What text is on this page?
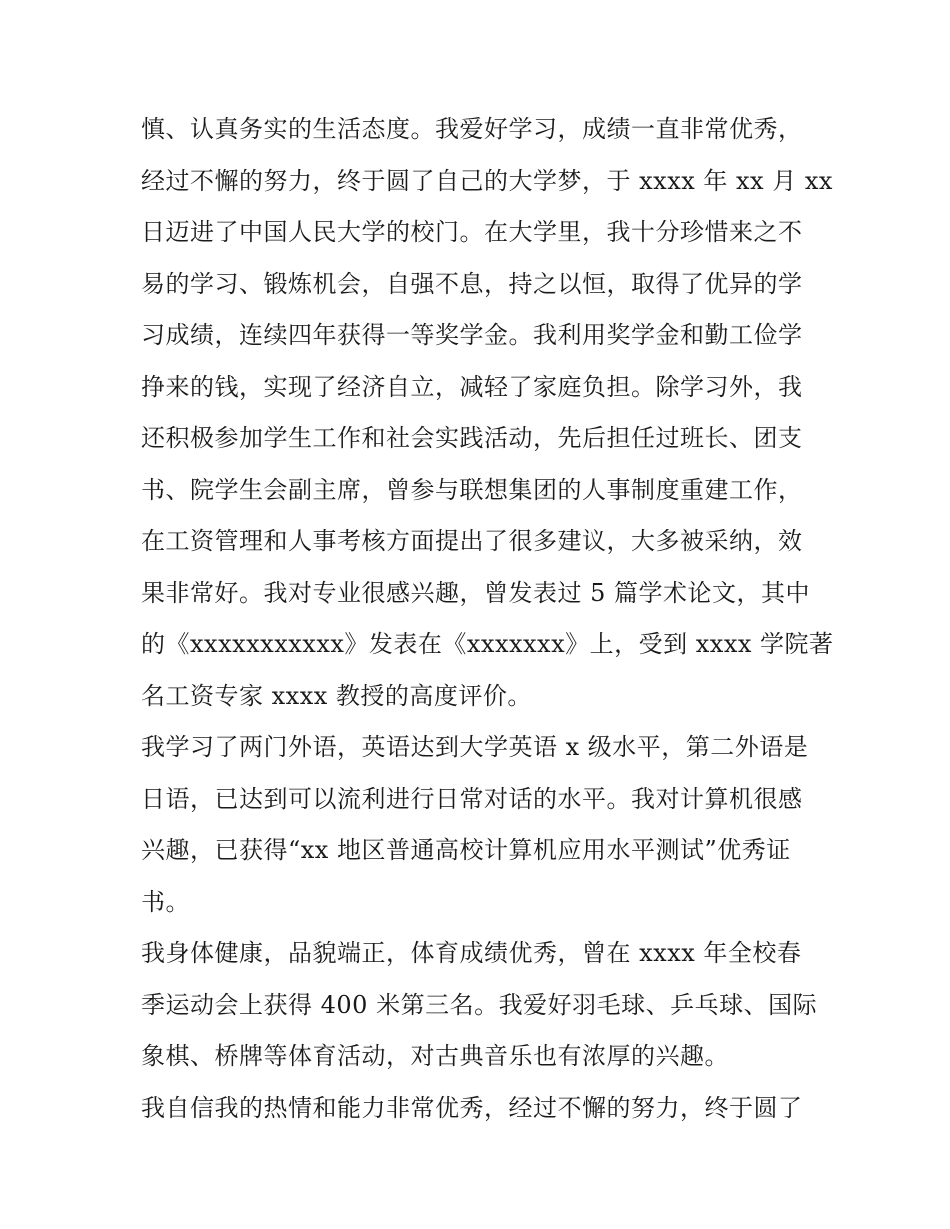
慎、认真务实的生活态度。我爱好学习，成绩一直非常优秀，
经过不懈的努力，终于圆了自己的大学梦，于 xxxx 年 xx 月 xx
日迈进了中国人民大学的校门。在大学里，我十分珍惜来之不
易的学习、锻炼机会，自强不息，持之以恒，取得了优异的学
习成绩，连续四年获得一等奖学金。我利用奖学金和勤工俭学
挣来的钱，实现了经济自立，减轻了家庭负担。除学习外，我
还积极参加学生工作和社会实践活动，先后担任过班长、团支
书、院学生会副主席，曾参与联想集团的人事制度重建工作，
在工资管理和人事考核方面提出了很多建议，大多被采纳，效
果非常好。我对专业很感兴趣，曾发表过 5 篇学术论文，其中
的《xxxxxxxxxxx》发表在《xxxxxxx》上，受到 xxxx 学院著
名工资专家 xxxx 教授的高度评价。
我学习了两门外语，英语达到大学英语 x 级水平，第二外语是
日语，已达到可以流利进行日常对话的水平。我对计算机很感
兴趣，已获得“xx 地区普通高校计算机应用水平测试”优秀证
书。
我身体健康，品貌端正，体育成绩优秀，曾在 xxxx 年全校春
季运动会上获得 400 米第三名。我爱好羽毛球、乒乓球、国际
象棋、桥牌等体育活动，对古典音乐也有浓厚的兴趣。
我自信我的热情和能力非常优秀，经过不懈的努力，终于圆了
